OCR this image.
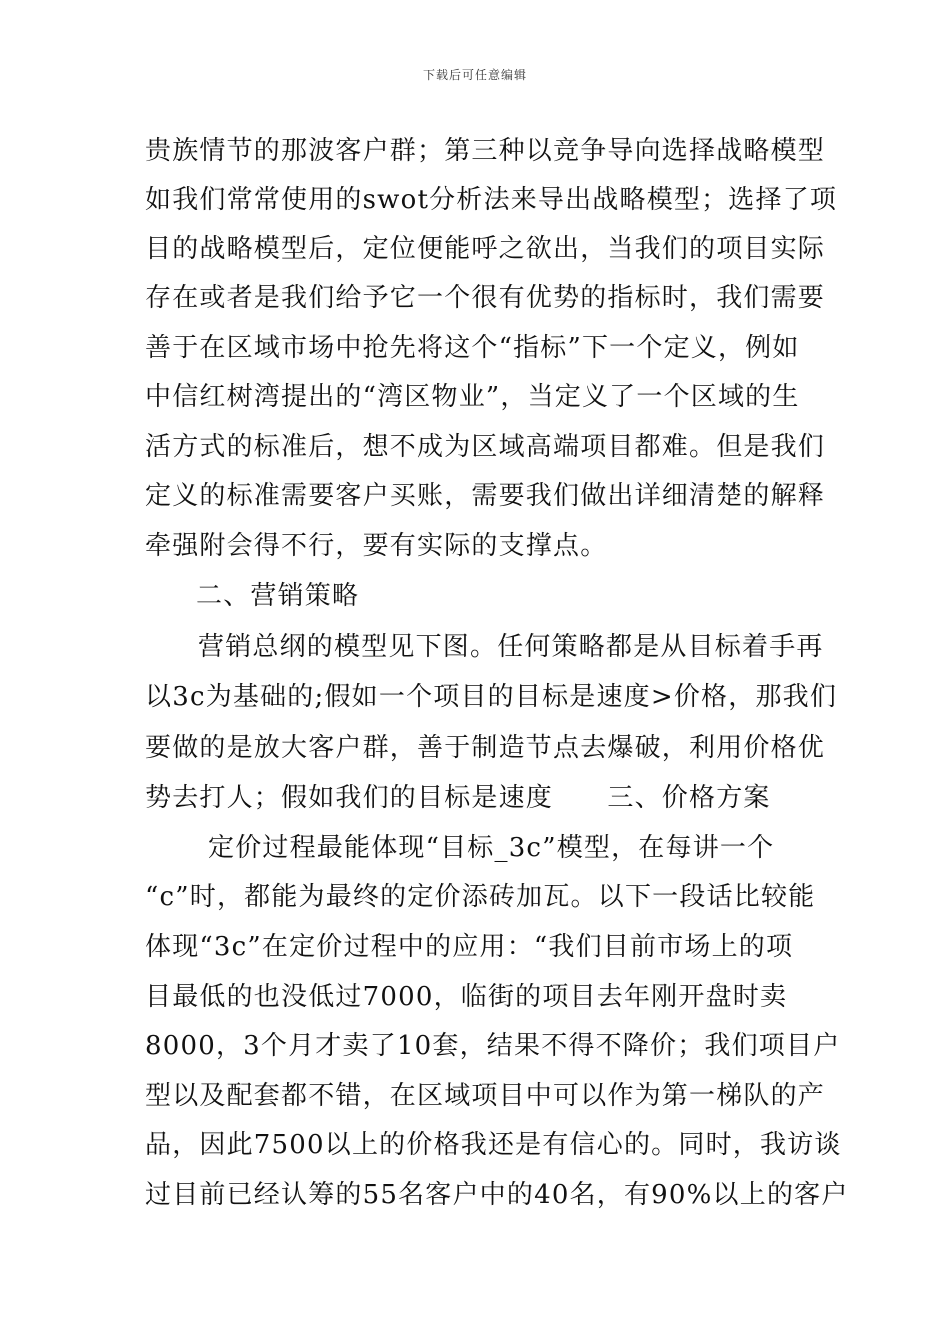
下载后可任意编辑
贵族情节的那波客户群；第三种以竞争导向选择战略模型
如我们常常使用的swot分析法来导出战略模型；选择了项
目的战略模型后，定位便能呼之欲出，当我们的项目实际
存在或者是我们给予它一个很有优势的指标时，我们需要
善于在区域市场中抢先将这个“指标”下一个定义，例如
中信红树湾提出的“湾区物业”，当定义了一个区域的生
活方式的标准后，想不成为区域高端项目都难。但是我们
定义的标准需要客户买账，需要我们做出详细清楚的解释
牵强附会得不行，要有实际的支撑点。
二、营销策略
营销总纲的模型见下图。任何策略都是从目标着手再
以3c为基础的;假如一个项目的目标是速度>价格，那我们
要做的是放大客户群，善于制造节点去爆破，利用价格优
势去打人；假如我们的目标是速度　　三、价格方案
定价过程最能体现“目标_3c”模型，在每讲一个
“c”时，都能为最终的定价添砖加瓦。以下一段话比较能
体现“3c”在定价过程中的应用：“我们目前市场上的项
目最低的也没低过7000，临街的项目去年刚开盘时卖
8000，3个月才卖了10套，结果不得不降价；我们项目户
型以及配套都不错，在区域项目中可以作为第一梯队的产
品，因此7500以上的价格我还是有信心的。同时，我访谈
过目前已经认筹的55名客户中的40名，有90%以上的客户
